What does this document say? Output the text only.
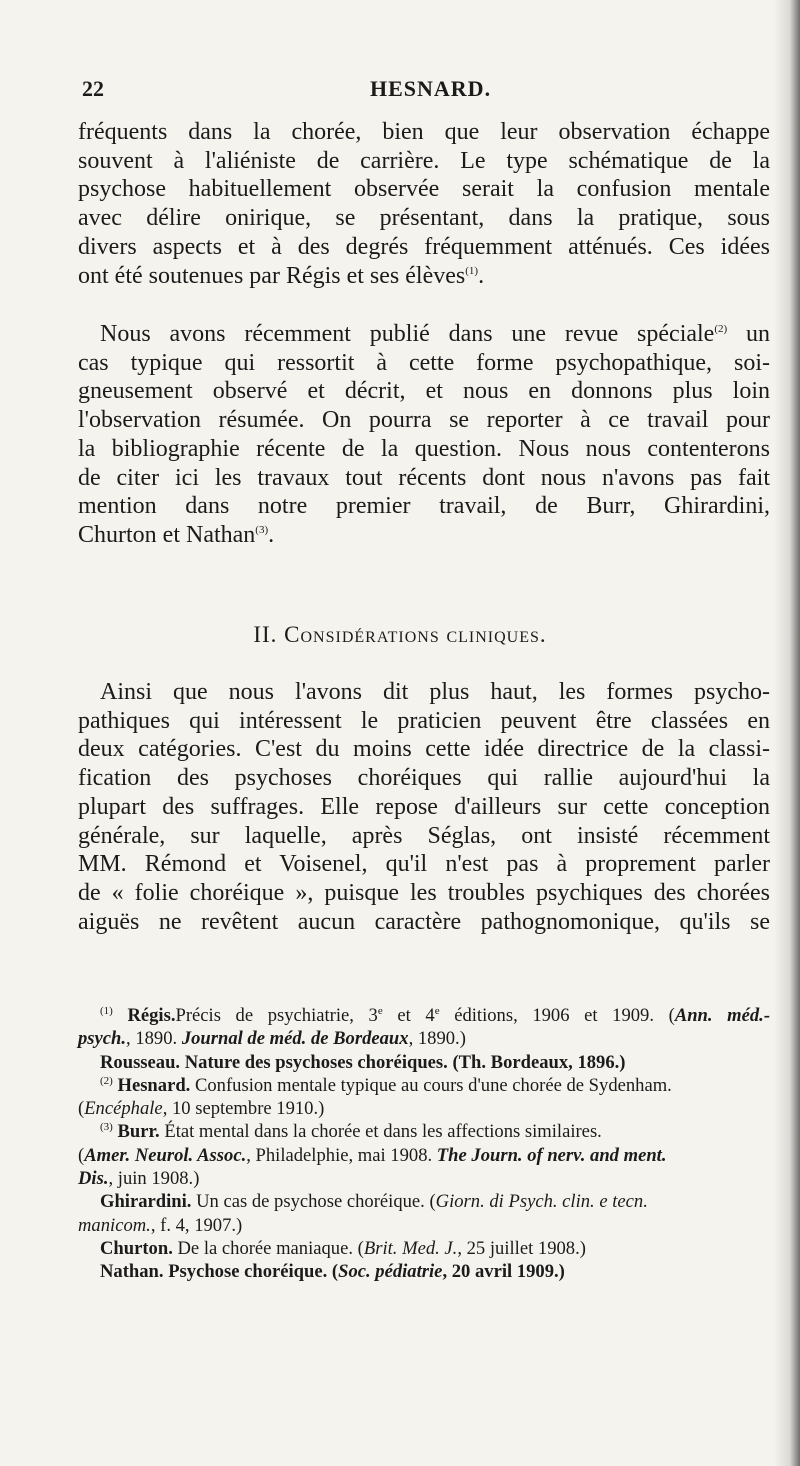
22	HESNARD.
fréquents dans la chorée, bien que leur observation échappe
souvent à l'aliéniste de carrière. Le type schématique de la
psychose habituellement observée serait la confusion mentale
avec délire onirique, se présentant, dans la pratique, sous
divers aspects et à des degrés fréquemment atténués. Ces idées
ont été soutenues par Régis et ses élèves$^{(1)}$.
Nous avons récemment publié dans une revue spéciale$^{(2)}$ un
cas typique qui ressortit à cette forme psychopathique, soi-
gneusement observé et décrit, et nous en donnons plus loin
l'observation résumée. On pourra se reporter à ce travail pour
la bibliographie récente de la question. Nous nous contenterons
de citer ici les travaux tout récents dont nous n'avons pas fait
mention dans notre premier travail, de Burr, Ghirardini,
Churton et Nathan$^{(3)}$.
II. Considérations cliniques.
Ainsi que nous l'avons dit plus haut, les formes psycho-
pathiques qui intéressent le praticien peuvent être classées en
deux catégories. C'est du moins cette idée directrice de la classi-
fication des psychoses choréiques qui rallie aujourd'hui la
plupart des suffrages. Elle repose d'ailleurs sur cette conception
générale, sur laquelle, après Séglas, ont insisté récemment
MM. Rémond et Voisenel, qu'il n'est pas à proprement parler
de « folie choréique », puisque les troubles psychiques des chorées
aiguës ne revêtent aucun caractère pathognomonique, qu'ils se
$^{(1)}$ Régis.Précis de psychiatrie, 3e et 4e éditions, 1906 et 1909. (Ann. méd.-
psych., 1890. Journal de méd. de Bordeaux, 1890.)
Rousseau. Nature des psychoses choréiques. (Th. Bordeaux, 1896.)
$^{(2)}$ Hesnard. Confusion mentale typique au cours d'une chorée de Sydenham.
(Encéphale, 10 septembre 1910.)
$^{(3)}$ Burr. État mental dans la chorée et dans les affections similaires.
(Amer. Neurol. Assoc., Philadelphie, mai 1908. The Journ. of nerv. and ment.
Dis., juin 1908.)
Ghirardini. Un cas de psychose choréique. (Giorn. di Psych. clin. e tecn.
manicom., f. 4, 1907.)
Churton. De la chorée maniaque. (Brit. Med. J., 25 juillet 1908.)
Nathan. Psychose choréique. (Soc. pédiatrie, 20 avril 1909.)
